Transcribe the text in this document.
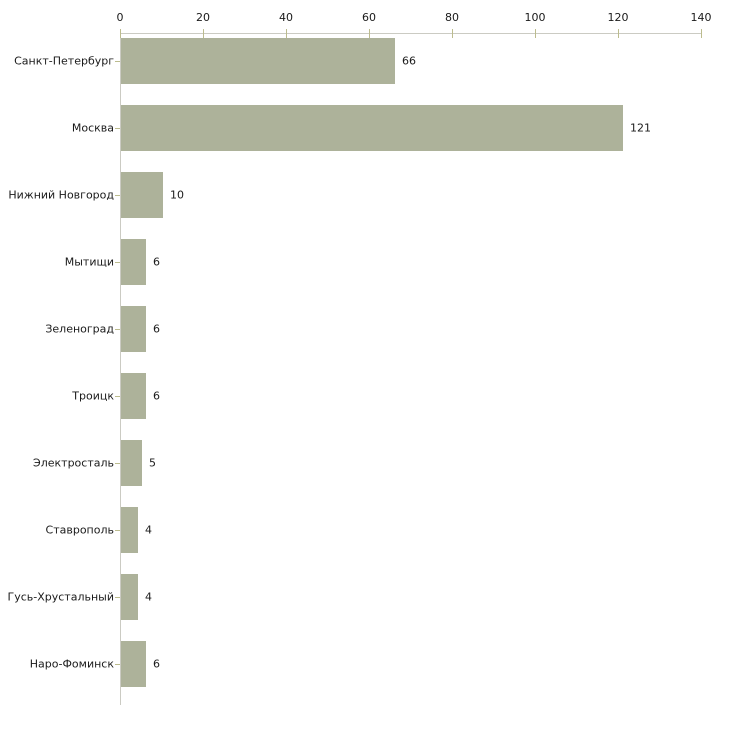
0	20	40	60	80	100	120	140
Санкт-Петербург	66
Москва	121
Нижний Новгород	10
Мытищи	6
Зеленоград	6
Троицк	6
Электросталь	5
Ставрополь	4
Гусь-Хрустальный	4
Наро-Фоминск	6
